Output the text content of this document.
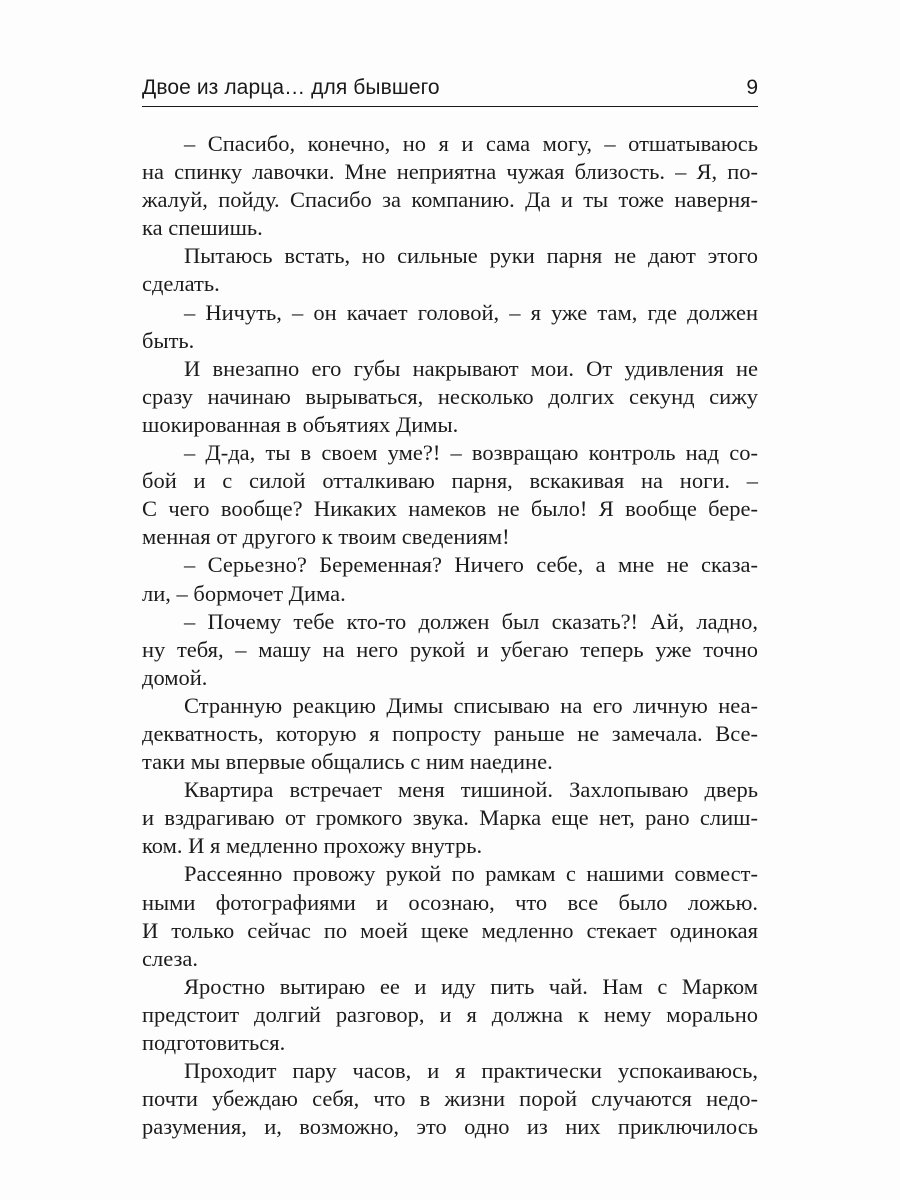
Двое из ларца… для бывшего	9
– Спасибо, конечно, но я и сама могу, – отшатываюсь
на спинку лавочки. Мне неприятна чужая близость. – Я, по-
жалуй, пойду. Спасибо за компанию. Да и ты тоже наверня-
ка спешишь.
Пытаюсь встать, но сильные руки парня не дают этого
сделать.
– Ничуть, – он качает головой, – я уже там, где должен
быть.
И внезапно его губы накрывают мои. От удивления не
сразу начинаю вырываться, несколько долгих секунд сижу
шокированная в объятиях Димы.
– Д-да, ты в своем уме?! – возвращаю контроль над со-
бой и с силой отталкиваю парня, вскакивая на ноги. –
С чего вообще? Никаких намеков не было! Я вообще бере-
менная от другого к твоим сведениям!
– Серьезно? Беременная? Ничего себе, а мне не сказа-
ли, – бормочет Дима.
– Почему тебе кто-то должен был сказать?! Ай, ладно,
ну тебя, – машу на него рукой и убегаю теперь уже точно
домой.
Странную реакцию Димы списываю на его личную неа-
декватность, которую я попросту раньше не замечала. Все-
таки мы впервые общались с ним наедине.
Квартира встречает меня тишиной. Захлопываю дверь
и вздрагиваю от громкого звука. Марка еще нет, рано слиш-
ком. И я медленно прохожу внутрь.
Рассеянно провожу рукой по рамкам с нашими совмест-
ными фотографиями и осознаю, что все было ложью.
И только сейчас по моей щеке медленно стекает одинокая
слеза.
Яростно вытираю ее и иду пить чай. Нам с Марком
предстоит долгий разговор, и я должна к нему морально
подготовиться.
Проходит пару часов, и я практически успокаиваюсь,
почти убеждаю себя, что в жизни порой случаются недо-
разумения, и, возможно, это одно из них приключилось
